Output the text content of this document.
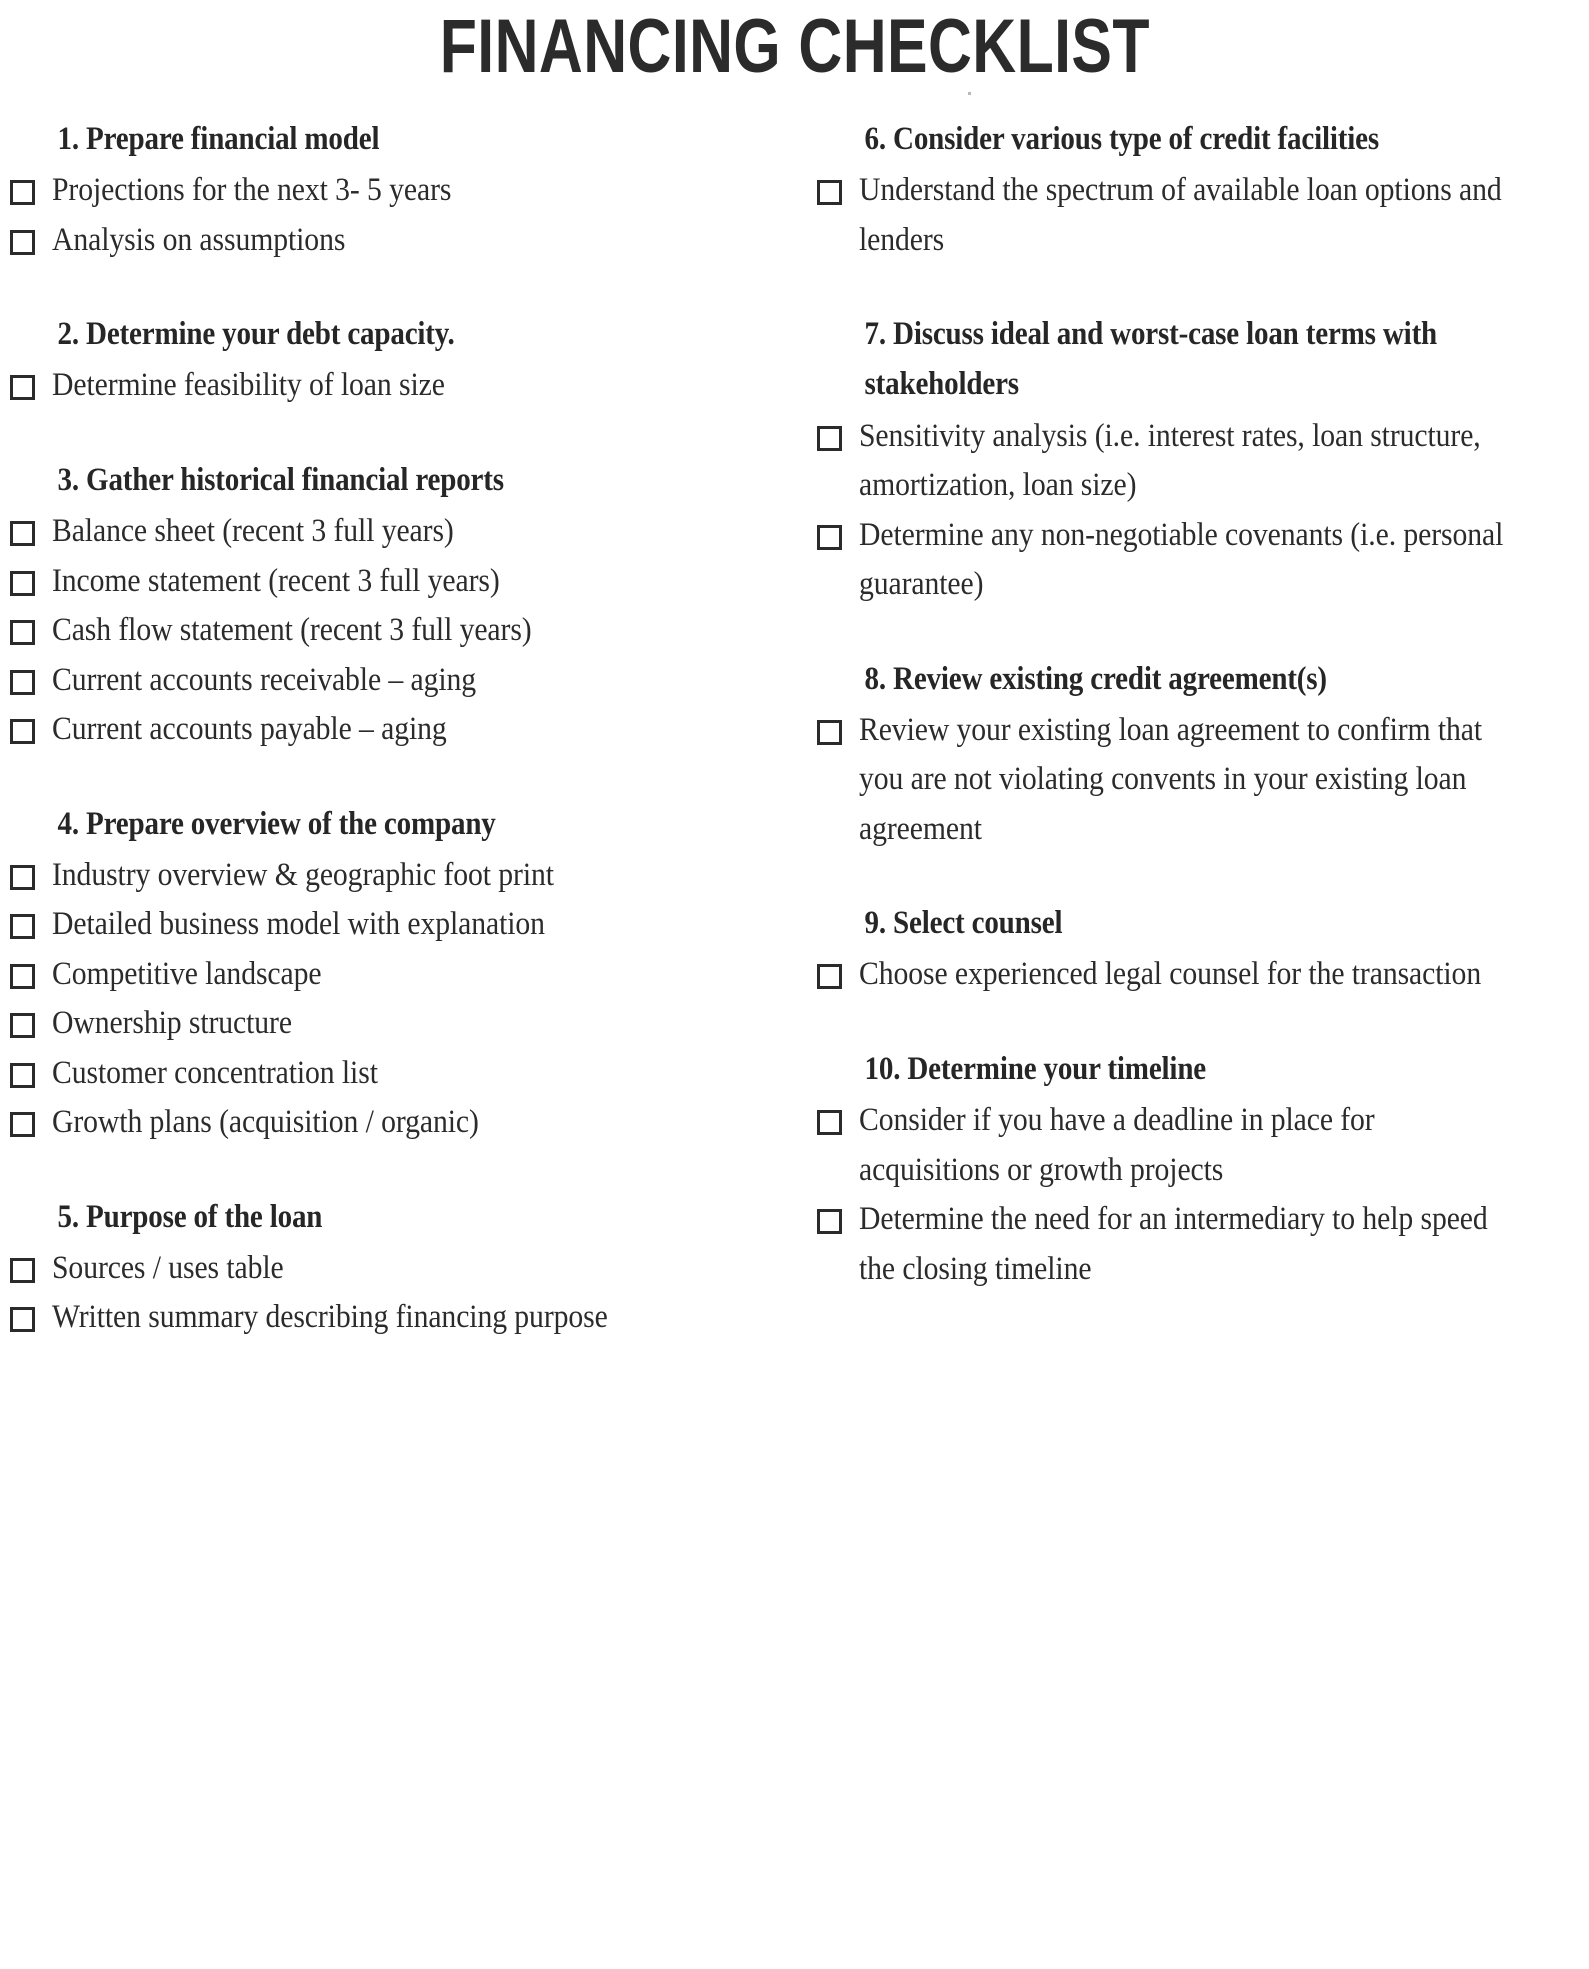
FINANCING CHECKLIST
1. Prepare financial model
Projections for the next 3- 5 years
Analysis on assumptions
2. Determine your debt capacity.
Determine feasibility of loan size
3. Gather historical financial reports
Balance sheet (recent 3 full years)
Income statement (recent 3 full years)
Cash flow statement (recent 3 full years)
Current accounts receivable – aging
Current accounts payable – aging
4. Prepare overview of the company
Industry overview & geographic foot print
Detailed business model with explanation
Competitive landscape
Ownership structure
Customer concentration list
Growth plans (acquisition / organic)
5. Purpose of the loan
Sources / uses table
Written summary describing financing purpose
6. Consider various type of credit facilities
Understand the spectrum of available loan options and lenders
7. Discuss ideal and worst-case loan terms with stakeholders
Sensitivity analysis (i.e. interest rates, loan structure, amortization, loan size)
Determine any non-negotiable covenants (i.e. personal guarantee)
8. Review existing credit agreement(s)
Review your existing loan agreement to confirm that you are not violating convents in your existing loan agreement
9. Select counsel
Choose experienced legal counsel for the transaction
10. Determine your timeline
Consider if you have a deadline in place for acquisitions or growth projects
Determine the need for an intermediary to help speed the closing timeline
